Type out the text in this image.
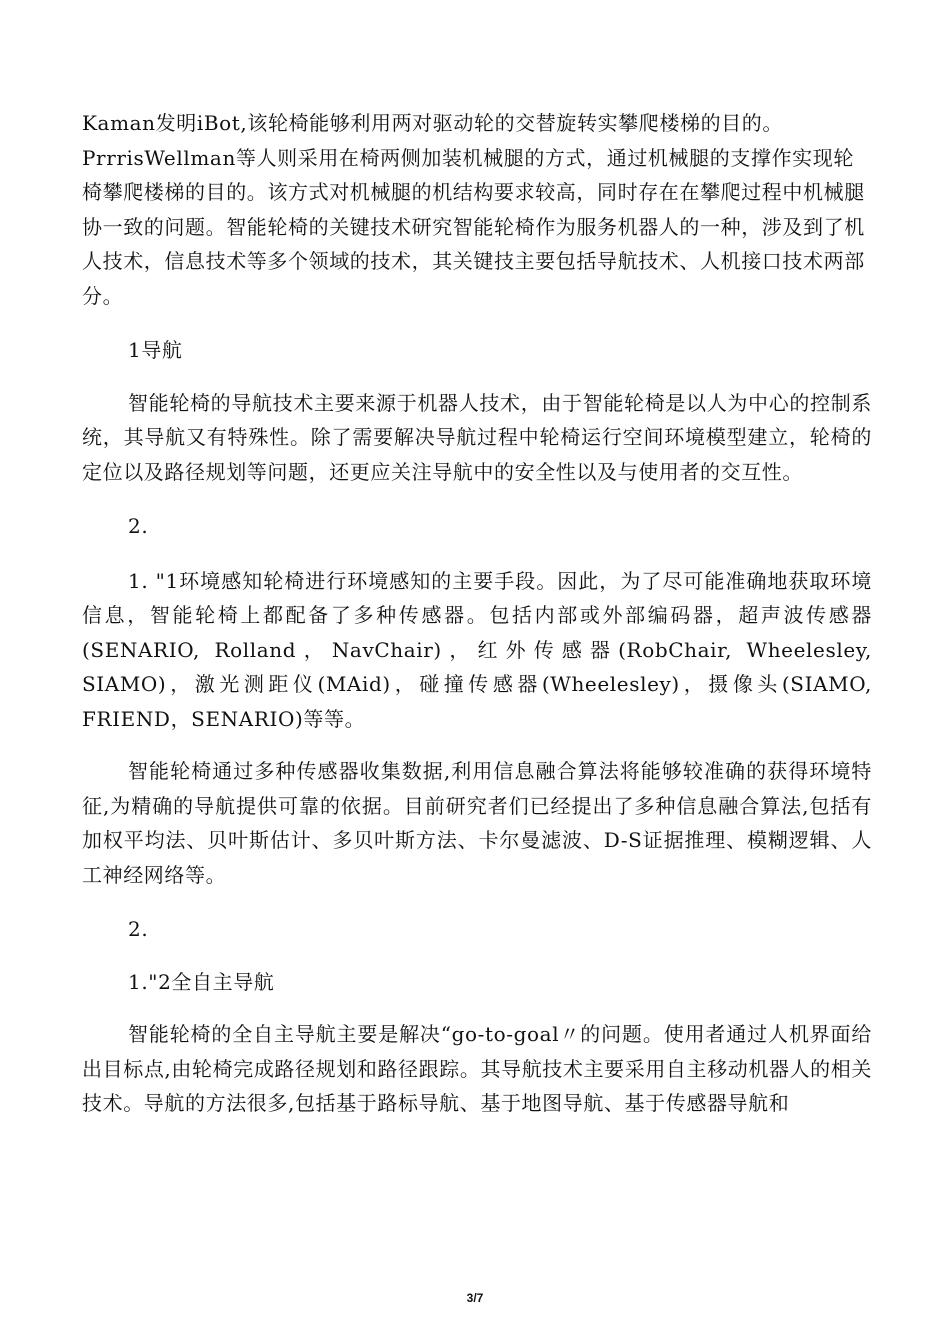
Kaman发明iBot,该轮椅能够利用两对驱动轮的交替旋转实攀爬楼梯的目的。

PrrrisWellman等人则采用在椅两侧加装机械腿的方式，通过机械腿的支撑作实现轮椅攀爬楼梯的目的。该方式对机械腿的机结构要求较高，同时存在在攀爬过程中机械腿协一致的问题。智能轮椅的关键技术研究智能轮椅作为服务机器人的一种，涉及到了机人技术，信息技术等多个领域的技术，其关键技主要包括导航技术、人机接口技术两部分。

1导航

智能轮椅的导航技术主要来源于机器人技术，由于智能轮椅是以人为中心的控制系统，其导航又有特殊性。除了需要解决导航过程中轮椅运行空间环境模型建立，轮椅的定位以及路径规划等问题，还更应关注导航中的安全性以及与使用者的交互性。

2.

1. "1环境感知轮椅进行环境感知的主要手段。因此，为了尽可能准确地获取环境信息，智能轮椅上都配备了多种传感器。包括内部或外部编码器，超声波传感器(SENARIO, Rolland，NavChair)，红外传感器(RobChair, Wheelesley, SIAMO)，激光测距仪(MAid)，碰撞传感器(Wheelesley)，摄像头(SIAMO, FRIEND，SENARIO)等等。

智能轮椅通过多种传感器收集数据,利用信息融合算法将能够较准确的获得环境特征,为精确的导航提供可靠的依据。目前研究者们已经提出了多种信息融合算法,包括有加权平均法、贝叶斯估计、多贝叶斯方法、卡尔曼滤波、D-S证据推理、模糊逻辑、人工神经网络等。

2.

1."2全自主导航

智能轮椅的全自主导航主要是解决“go-to-goal〃的问题。使用者通过人机界面给出目标点,由轮椅完成路径规划和路径跟踪。其导航技术主要采用自主移动机器人的相关技术。导航的方法很多,包括基于路标导航、基于地图导航、基于传感器导航和

3/7
